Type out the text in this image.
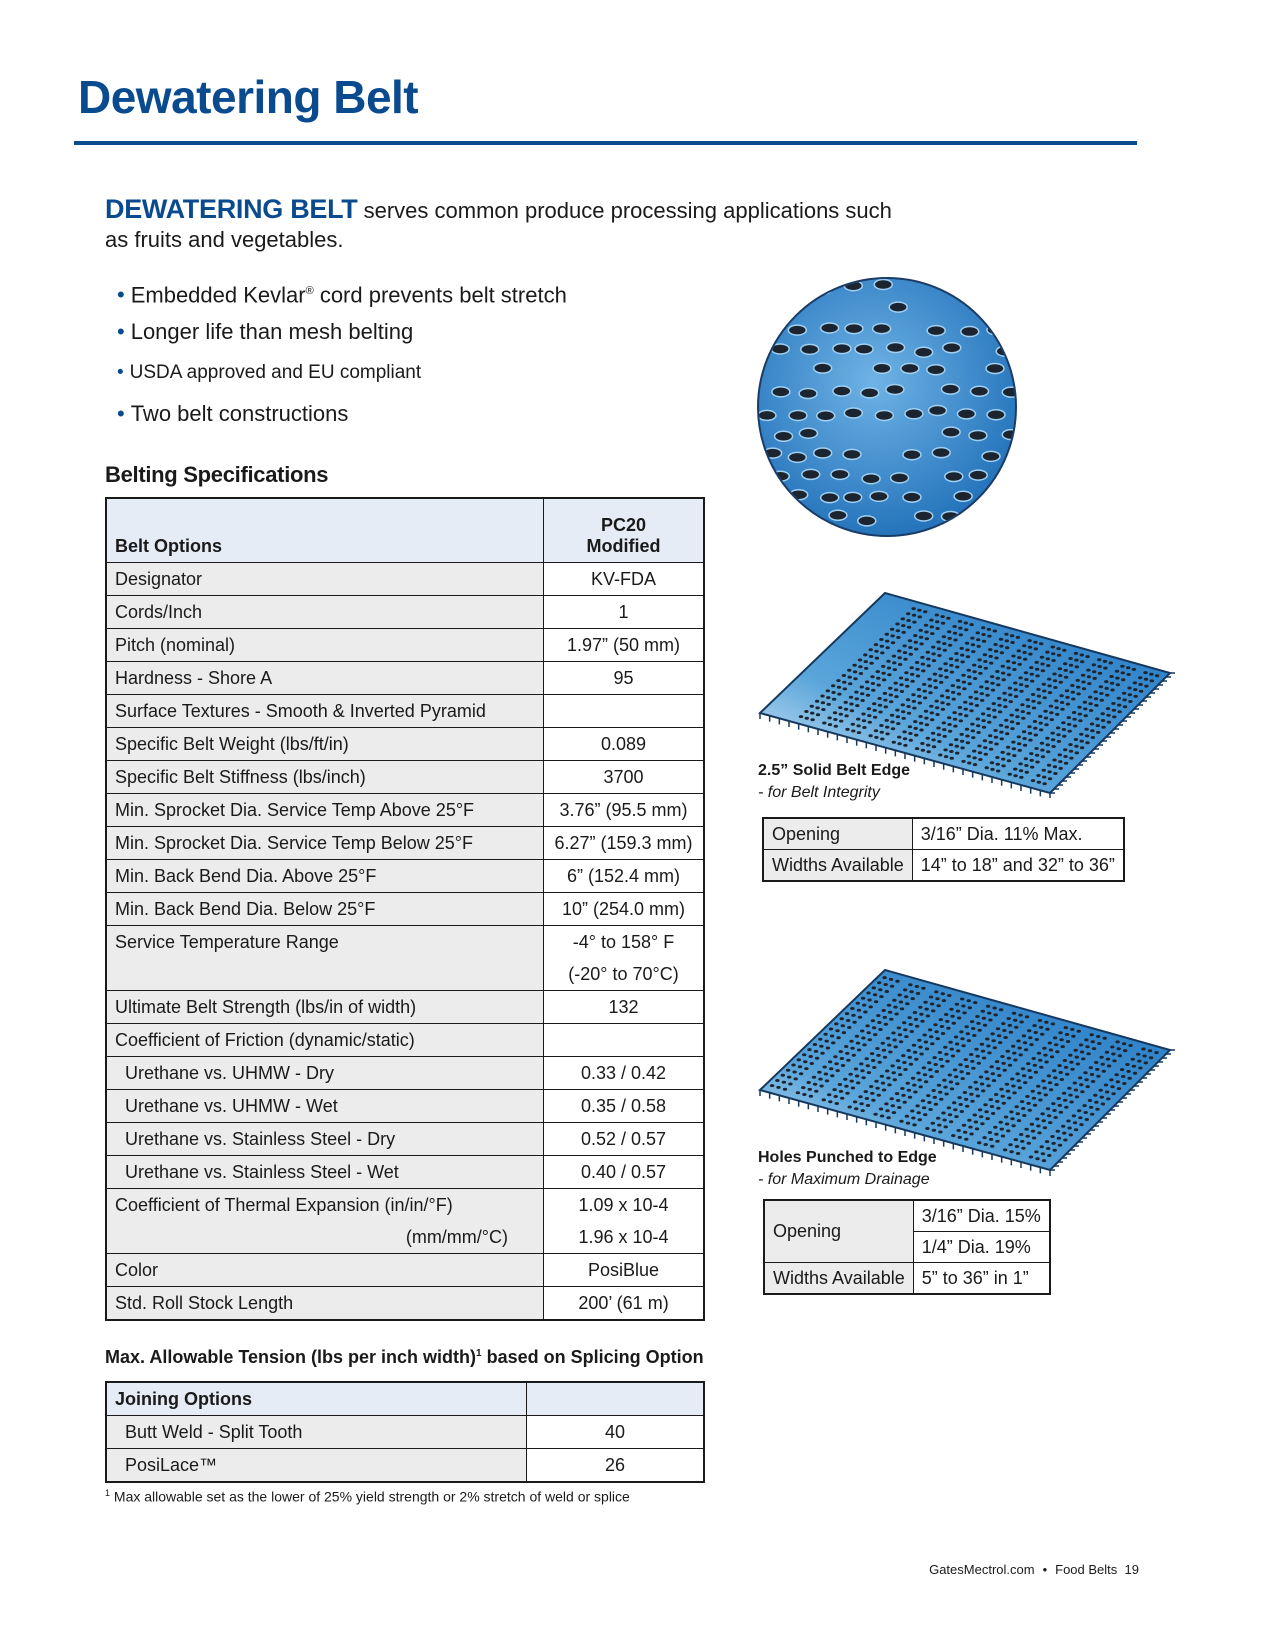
Dewatering Belt
DEWATERING BELT serves common produce processing applications such as fruits and vegetables.
• Embedded Kevlar® cord prevents belt stretch
• Longer life than mesh belting
• USDA approved and EU compliant
• Two belt constructions
Belting Specifications
Belt Options	PC20
Modified
Designator	KV-FDA
Cords/Inch	1
Pitch (nominal)	1.97” (50 mm)
Hardness - Shore A	95
Surface Textures - Smooth & Inverted Pyramid	
Specific Belt Weight (lbs/ft/in)	0.089
Specific Belt Stiffness (lbs/inch)	3700
Min. Sprocket Dia. Service Temp Above 25°F	3.76” (95.5 mm)
Min. Sprocket Dia. Service Temp Below 25°F	6.27” (159.3 mm)
Min. Back Bend Dia. Above 25°F	6” (152.4 mm)
Min. Back Bend Dia. Below 25°F	10” (254.0 mm)
Service Temperature Range	-4° to 158° F
	(-20° to 70°C)
Ultimate Belt Strength (lbs/in of width)	132
Coefficient of Friction (dynamic/static)	
Urethane vs. UHMW - Dry	0.33 / 0.42
Urethane vs. UHMW - Wet	0.35 / 0.58
Urethane vs. Stainless Steel - Dry	0.52 / 0.57
Urethane vs. Stainless Steel - Wet	0.40 / 0.57
Coefficient of Thermal Expansion (in/in/°F)	1.09 x 10-4
(mm/mm/°C)	1.96 x 10-4
Color	PosiBlue
Std. Roll Stock Length	200’ (61 m)
Max. Allowable Tension (lbs per inch width)$^1$ based on Splicing Option
Joining Options	
Butt Weld - Split Tooth	40
PosiLace™	26
$^1$ Max allowable set as the lower of 25% yield strength or 2% stretch of weld or splice
2.5” Solid Belt Edge
- for Belt Integrity
Opening	3/16” Dia. 11% Max.
Widths Available	14” to 18” and 32” to 36”
Holes Punched to Edge
- for Maximum Drainage
Opening	3/16” Dia. 15%
	1/4” Dia. 19%
Widths Available	5” to 36” in 1”
GatesMectrol.com • Food Belts 19
